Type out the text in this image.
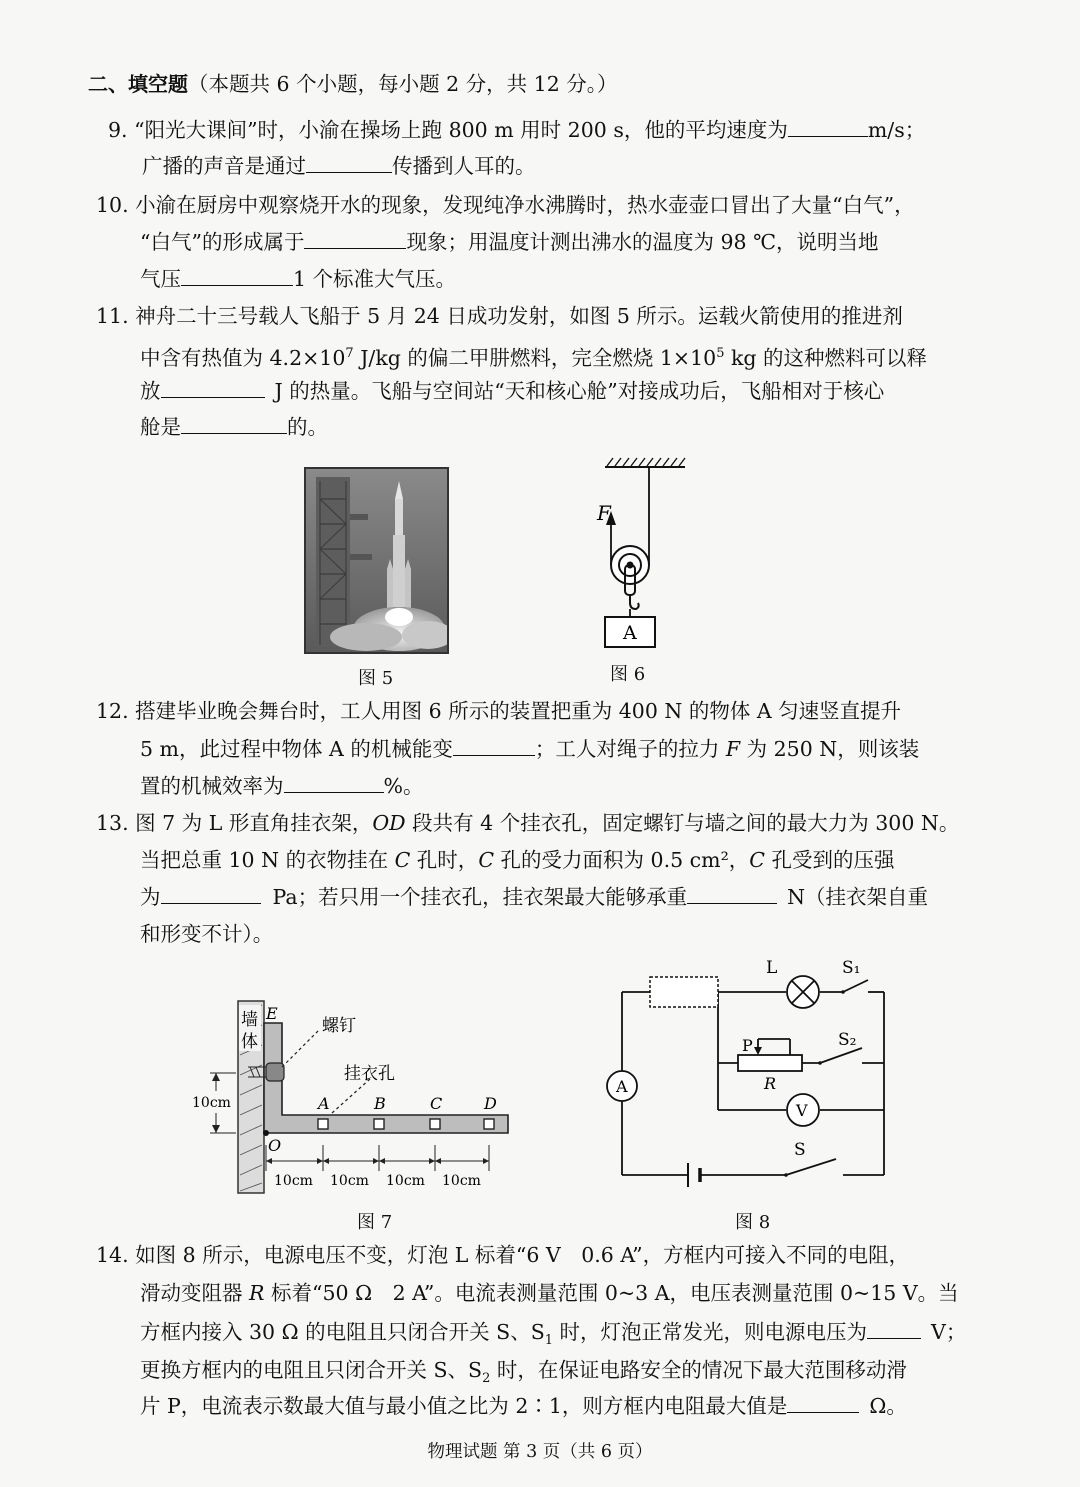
二、填空题（本题共 6 个小题，每小题 2 分，共 12 分。）
9. “阳光大课间”时，小渝在操场上跑 800 m 用时 200 s，他的平均速度为	m/s；
广播的声音是通过	传播到人耳的。
10. 小渝在厨房中观察烧开水的现象，发现纯净水沸腾时，热水壶壶口冒出了大量“白气”，
“白气”的形成属于	现象；用温度计测出沸水的温度为 98 ℃，说明当地
气压	1 个标准大气压。
11. 神舟二十三号载人飞船于 5 月 24 日成功发射，如图 5 所示。运载火箭使用的推进剂
中含有热值为 $4.2\times 10^7$ J/kg 的偏二甲肼燃料，完全燃烧 $1\times 10^5$ kg 的这种燃料可以释
放	J 的热量。飞船与空间站“天和核心舱”对接成功后，飞船相对于核心
舱是	的。
图 5
F
A
图 6
12. 搭建毕业晚会舞台时，工人用图 6 所示的装置把重为 400 N 的物体 A 匀速竖直提升
5 m，此过程中物体 A 的机械能变	；工人对绳子的拉力 F 为 250 N，则该装
置的机械效率为	%。
13. 图 7 为 L 形直角挂衣架，OD 段共有 4 个挂衣孔，固定螺钉与墙之间的最大力为 300 N。
当把总重 10 N 的衣物挂在 C 孔时，C 孔的受力面积为 0.5 cm²，C 孔受到的压强
为	Pa；若只用一个挂衣孔，挂衣架最大能够承重	N（挂衣架自重
和形变不计）。
墙
体
E
螺钉
A	B	C	D
挂衣孔
O
10cm
10cm 10cm 10cm 10cm
图 7
L	S₁
P
R
S₂
V
A
S
图 8
14. 如图 8 所示，电源电压不变，灯泡 L 标着“6 V　0.6 A”，方框内可接入不同的电阻，
滑动变阻器 R 标着“50 Ω　2 A”。电流表测量范围 0~3 A，电压表测量范围 0~15 V。当
方框内接入 30 Ω 的电阻且只闭合开关 S、$S_1$ 时，灯泡正常发光，则电源电压为	V；
更换方框内的电阻且只闭合开关 S、$S_2$ 时，在保证电路安全的情况下最大范围移动滑
片 P，电流表示数最大值与最小值之比为 2∶1，则方框内电阻最大值是	Ω。
物理试题 第 3 页（共 6 页）
